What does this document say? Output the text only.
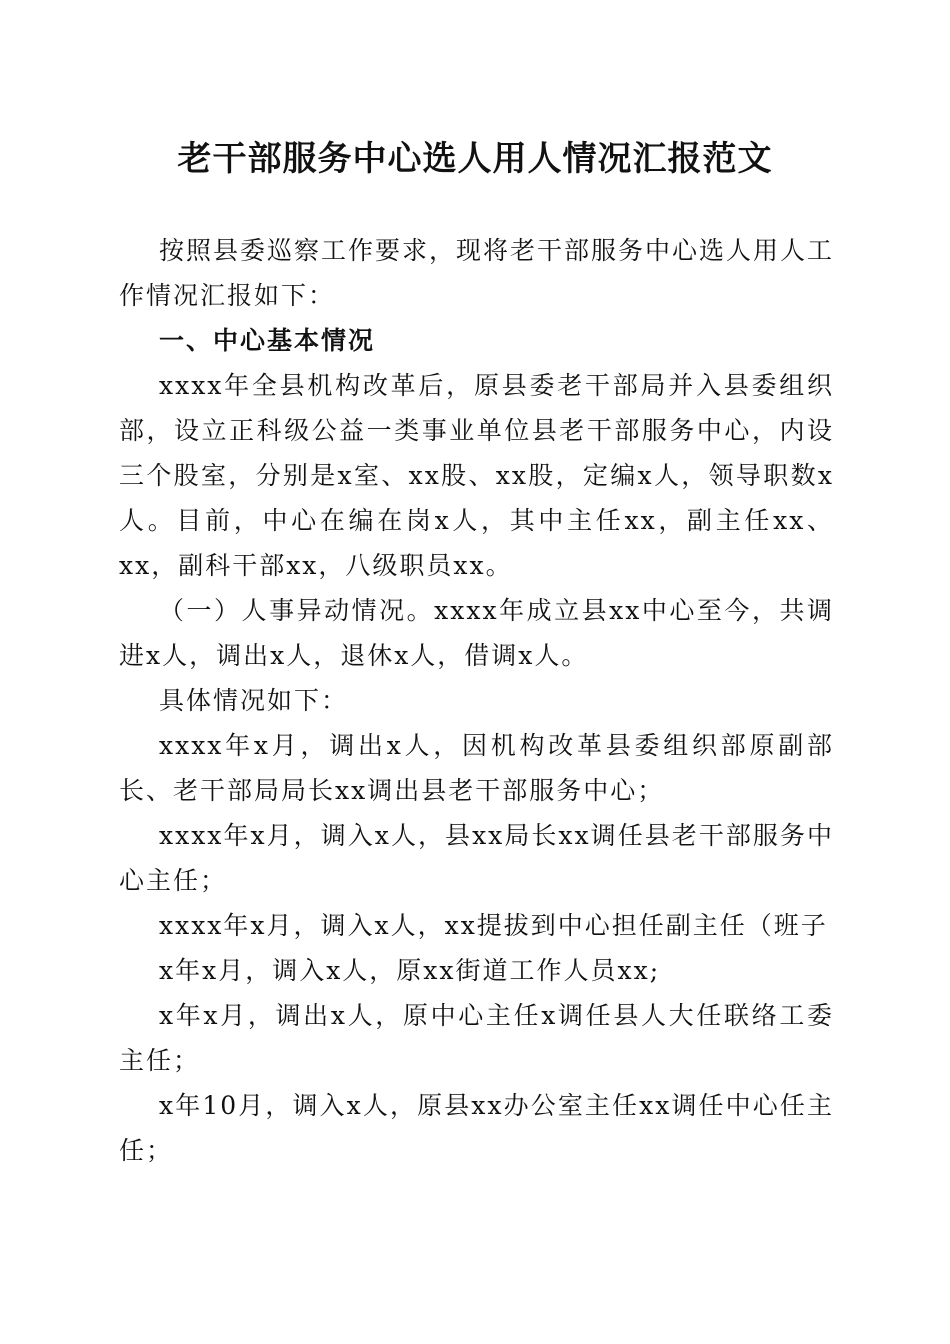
老干部服务中心选人用人情况汇报范文

按照县委巡察工作要求，现将老干部服务中心选人用人工作情况汇报如下：

一、中心基本情况

xxxx年全县机构改革后，原县委老干部局并入县委组织部，设立正科级公益一类事业单位县老干部服务中心，内设三个股室，分别是x室、xx股、xx股，定编x人，领导职数x人。目前，中心在编在岗x人，其中主任xx，副主任xx、xx，副科干部xx，八级职员xx。

（一）人事异动情况。xxxx年成立县xx中心至今，共调进x人，调出x人，退休x人，借调x人。

具体情况如下：

xxxx年x月，调出x人，因机构改革县委组织部原副部长、老干部局局长xx调出县老干部服务中心；

xxxx年x月，调入x人，县xx局长xx调任县老干部服务中心主任；

xxxx年x月，调入x人，xx提拔到中心担任副主任（班子

x年x月，调入x人，原xx街道工作人员xx;

x年x月，调出x人，原中心主任x调任县人大任联络工委主任；

x年10月，调入x人，原县xx办公室主任xx调任中心任主任；
